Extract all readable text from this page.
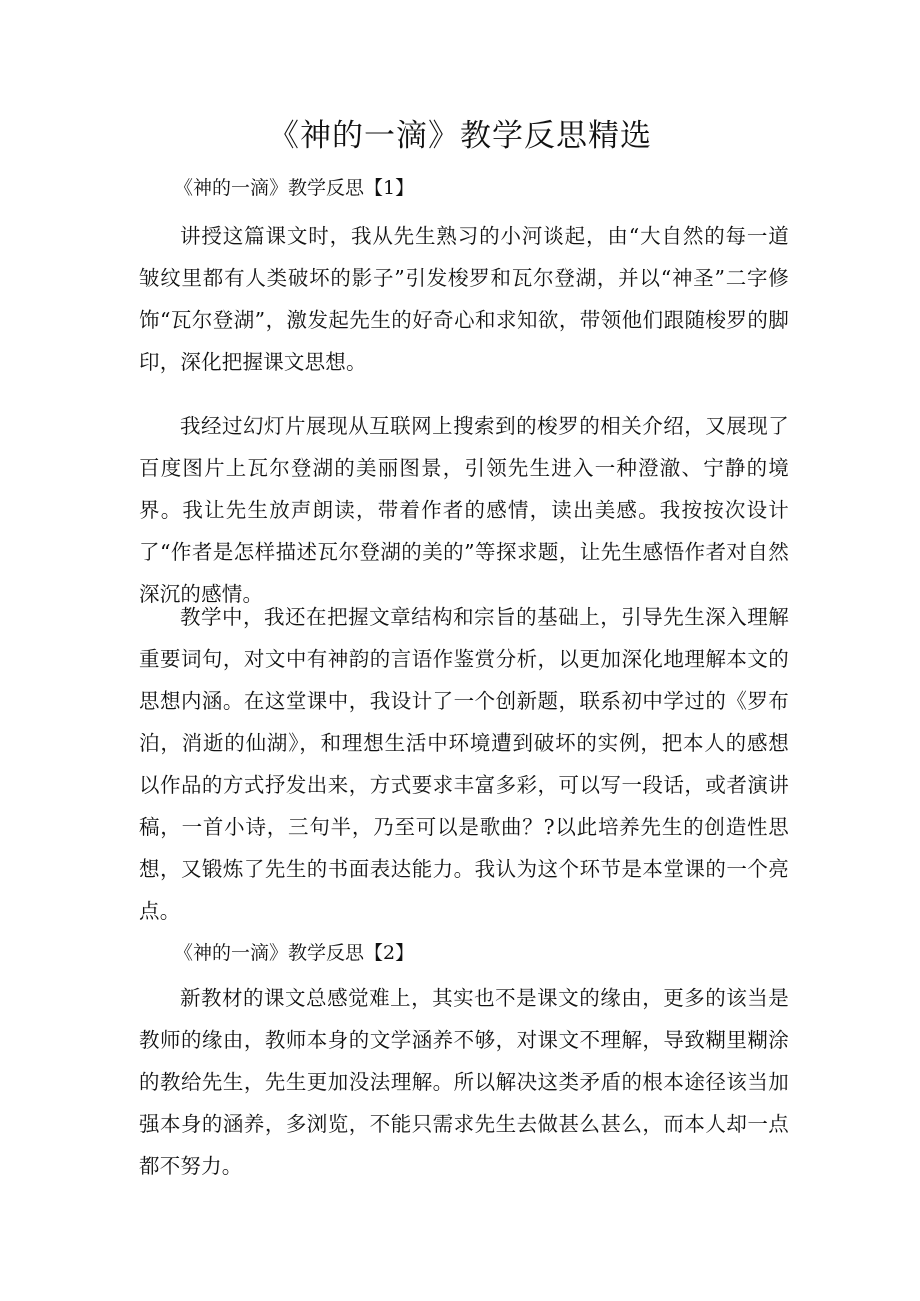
《神的一滴》教学反思精选
《神的一滴》教学反思【1】

讲授这篇课文时，我从先生熟习的小河谈起，由“大自然的每一道皱纹里都有人类破坏的影子”引发梭罗和瓦尔登湖，并以“神圣”二字修饰“瓦尔登湖”，激发起先生的好奇心和求知欲，带领他们跟随梭罗的脚印，深化把握课文思想。

我经过幻灯片展现从互联网上搜索到的梭罗的相关介绍，又展现了百度图片上瓦尔登湖的美丽图景，引领先生进入一种澄澈、宁静的境界。我让先生放声朗读，带着作者的感情，读出美感。我按按次设计了“作者是怎样描述瓦尔登湖的美的”等探求题，让先生感悟作者对自然深沉的感情。

教学中，我还在把握文章结构和宗旨的基础上，引导先生深入理解重要词句，对文中有神韵的言语作鉴赏分析，以更加深化地理解本文的思想内涵。在这堂课中，我设计了一个创新题，联系初中学过的《罗布泊，消逝的仙湖》，和理想生活中环境遭到破坏的实例，把本人的感想以作品的方式抒发出来，方式要求丰富多彩，可以写一段话，或者演讲稿，一首小诗，三句半，乃至可以是歌曲？?以此培养先生的创造性思想，又锻炼了先生的书面表达能力。我认为这个环节是本堂课的一个亮点。

《神的一滴》教学反思【2】

新教材的课文总感觉难上，其实也不是课文的缘由，更多的该当是教师的缘由，教师本身的文学涵养不够，对课文不理解，导致糊里糊涂的教给先生，先生更加没法理解。所以解决这类矛盾的根本途径该当加强本身的涵养，多浏览，不能只需求先生去做甚么甚么，而本人却一点都不努力。
